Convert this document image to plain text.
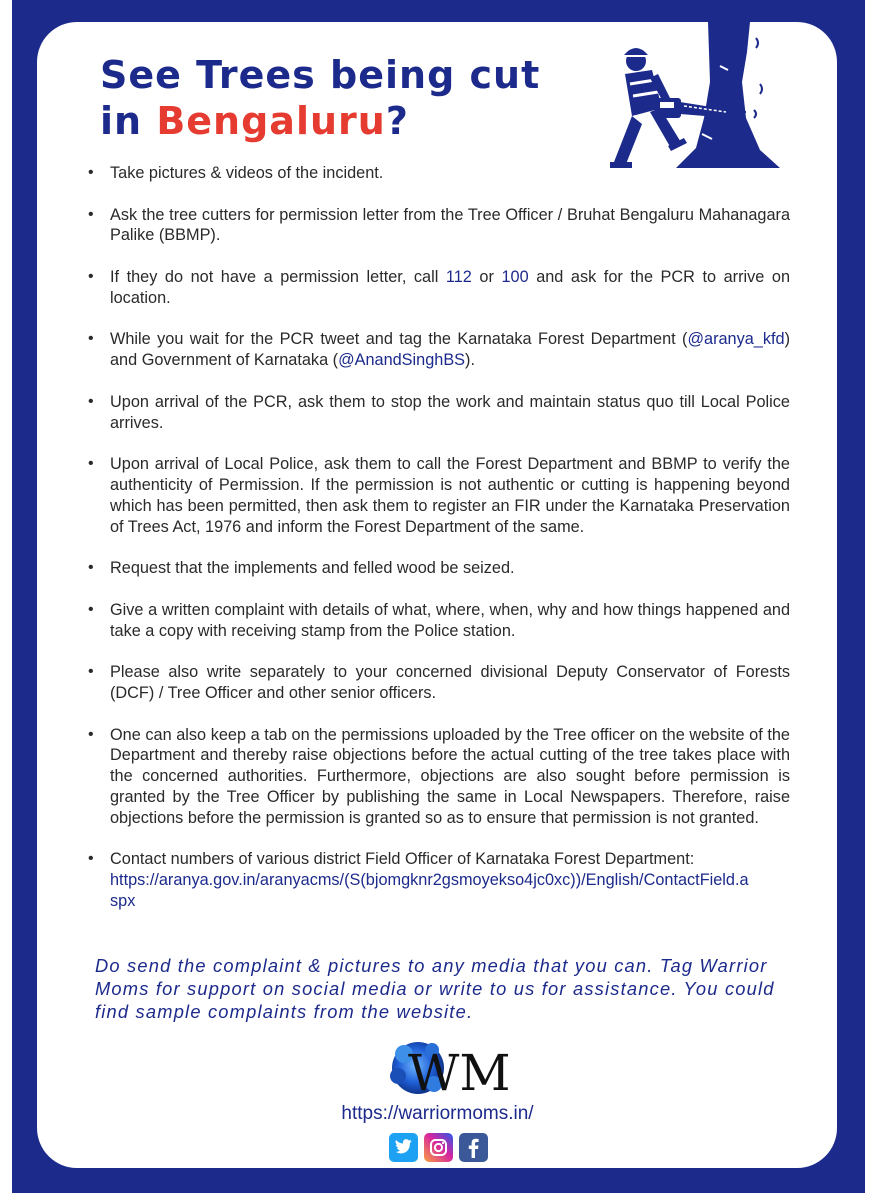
See Trees being cut
in Bengaluru?
• Take pictures & videos of the incident.
• Ask the tree cutters for permission letter from the Tree Officer / Bruhat Bengaluru Mahanagara Palike (BBMP).
• If they do not have a permission letter, call 112 or 100 and ask for the PCR to arrive on location.
• While you wait for the PCR tweet and tag the Karnataka Forest Department (@aranya_kfd) and Government of Karnataka (@AnandSinghBS).
• Upon arrival of the PCR, ask them to stop the work and maintain status quo till Local Police arrives.
• Upon arrival of Local Police, ask them to call the Forest Department and BBMP to verify the authenticity of Permission. If the permission is not authentic or cutting is happening beyond which has been permitted, then ask them to register an FIR under the Karnataka Preservation of Trees Act, 1976 and inform the Forest Department of the same.
• Request that the implements and felled wood be seized.
• Give a written complaint with details of what, where, when, why and how things happened and take a copy with receiving stamp from the Police station.
• Please also write separately to your concerned divisional Deputy Conservator of Forests (DCF) / Tree Officer and other senior officers.
• One can also keep a tab on the permissions uploaded by the Tree officer on the website of the Department and thereby raise objections before the actual cutting of the tree takes place with the concerned authorities. Furthermore, objections are also sought before permission is granted by the Tree Officer by publishing the same in Local Newspapers. Therefore, raise objections before the permission is granted so as to ensure that permission is not granted.
• Contact numbers of various district Field Officer of Karnataka Forest Department:
https://aranya.gov.in/aranyacms/(S(bjomgknr2gsmoyekso4jc0xc))/English/ContactField.a
spx

Do send the complaint & pictures to any media that you can. Tag Warrior Moms for support on social media or write to us for assistance. You could find sample complaints from the website.

WM
https://warriormoms.in/
